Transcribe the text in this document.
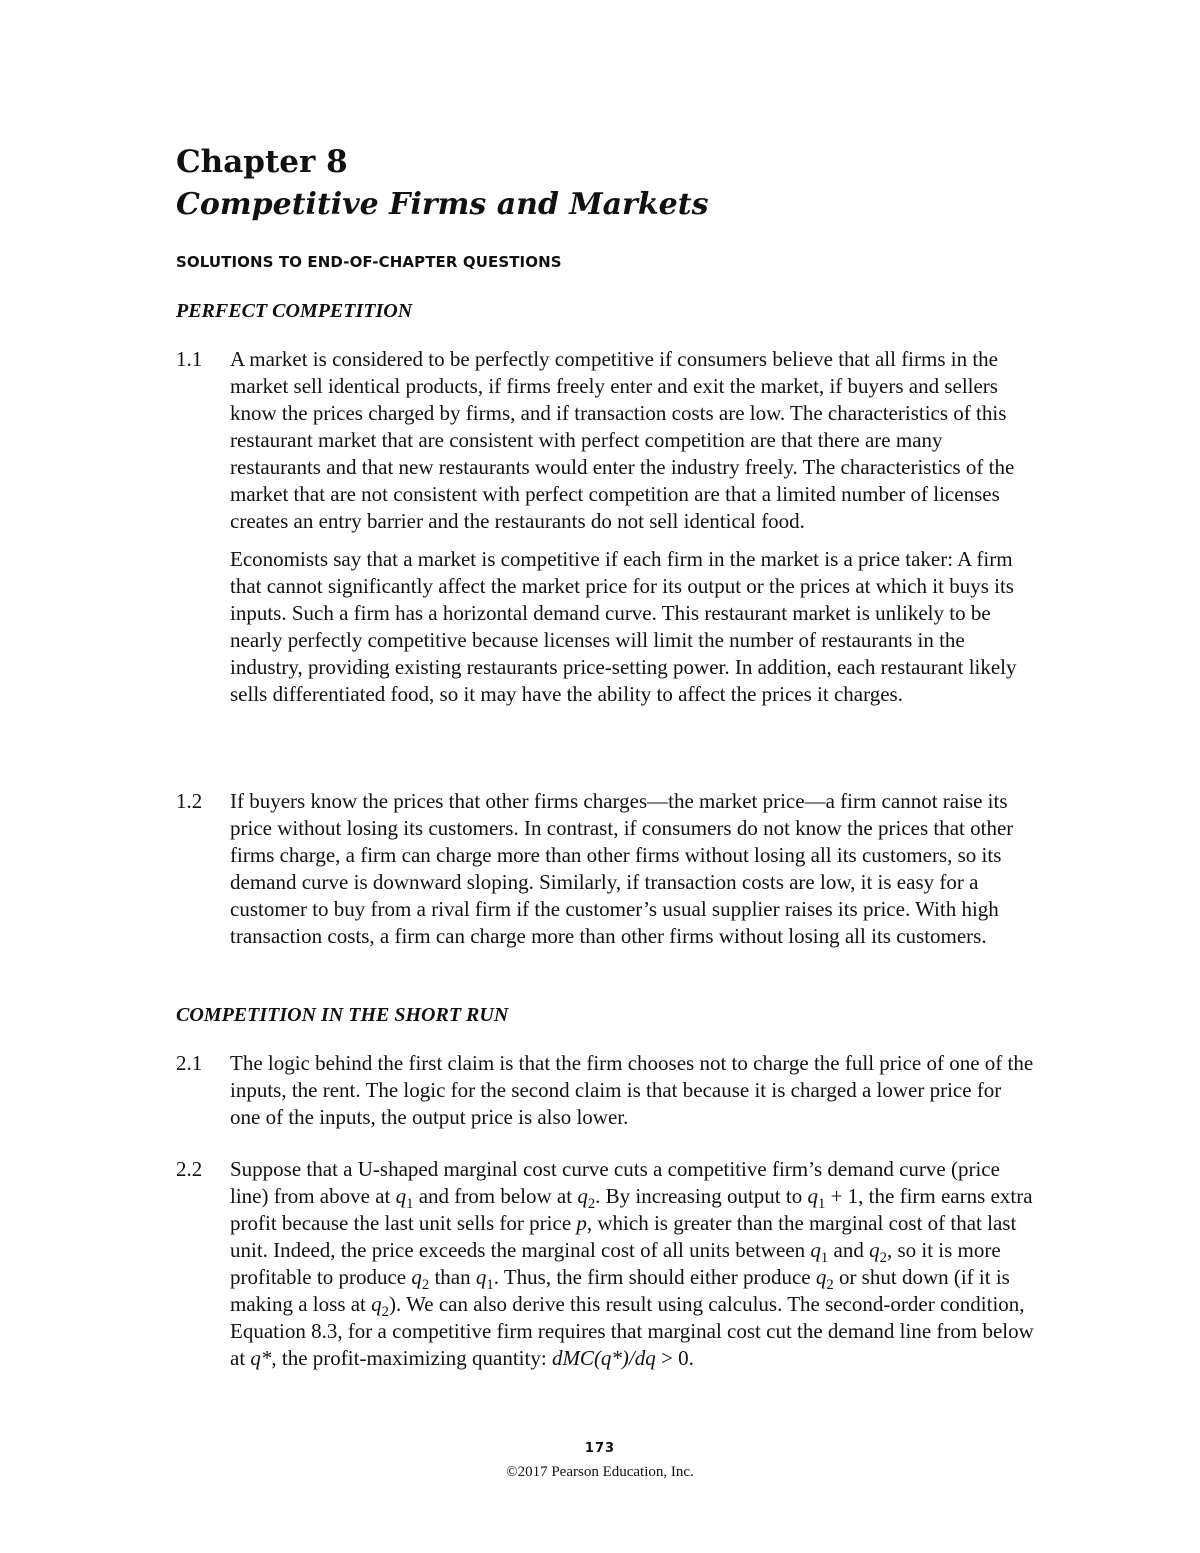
Chapter 8
Competitive Firms and Markets
SOLUTIONS TO END-OF-CHAPTER QUESTIONS
PERFECT COMPETITION
1.1	A market is considered to be perfectly competitive if consumers believe that all firms in the market sell identical products, if firms freely enter and exit the market, if buyers and sellers know the prices charged by firms, and if transaction costs are low. The characteristics of this restaurant market that are consistent with perfect competition are that there are many restaurants and that new restaurants would enter the industry freely. The characteristics of the market that are not consistent with perfect competition are that a limited number of licenses creates an entry barrier and the restaurants do not sell identical food.

Economists say that a market is competitive if each firm in the market is a price taker: A firm that cannot significantly affect the market price for its output or the prices at which it buys its inputs. Such a firm has a horizontal demand curve. This restaurant market is unlikely to be nearly perfectly competitive because licenses will limit the number of restaurants in the industry, providing existing restaurants price-setting power. In addition, each restaurant likely sells differentiated food, so it may have the ability to affect the prices it charges.

1.2	If buyers know the prices that other firms charges—the market price—a firm cannot raise its price without losing its customers. In contrast, if consumers do not know the prices that other firms charge, a firm can charge more than other firms without losing all its customers, so its demand curve is downward sloping. Similarly, if transaction costs are low, it is easy for a customer to buy from a rival firm if the customer’s usual supplier raises its price. With high transaction costs, a firm can charge more than other firms without losing all its customers.

COMPETITION IN THE SHORT RUN
2.1	The logic behind the first claim is that the firm chooses not to charge the full price of one of the inputs, the rent. The logic for the second claim is that because it is charged a lower price for one of the inputs, the output price is also lower.

2.2	Suppose that a U-shaped marginal cost curve cuts a competitive firm’s demand curve (price line) from above at $q_1$ and from below at $q_2$. By increasing output to $q_1 + 1$, the firm earns extra profit because the last unit sells for price p, which is greater than the marginal cost of that last unit. Indeed, the price exceeds the marginal cost of all units between $q_1$ and $q_2$, so it is more profitable to produce $q_2$ than $q_1$. Thus, the firm should either produce $q_2$ or shut down (if it is making a loss at $q_2$). We can also derive this result using calculus. The second-order condition, Equation 8.3, for a competitive firm requires that marginal cost cut the demand line from below at q*, the profit-maximizing quantity: dMC(q*)/dq > 0.

173
©2017 Pearson Education, Inc.
